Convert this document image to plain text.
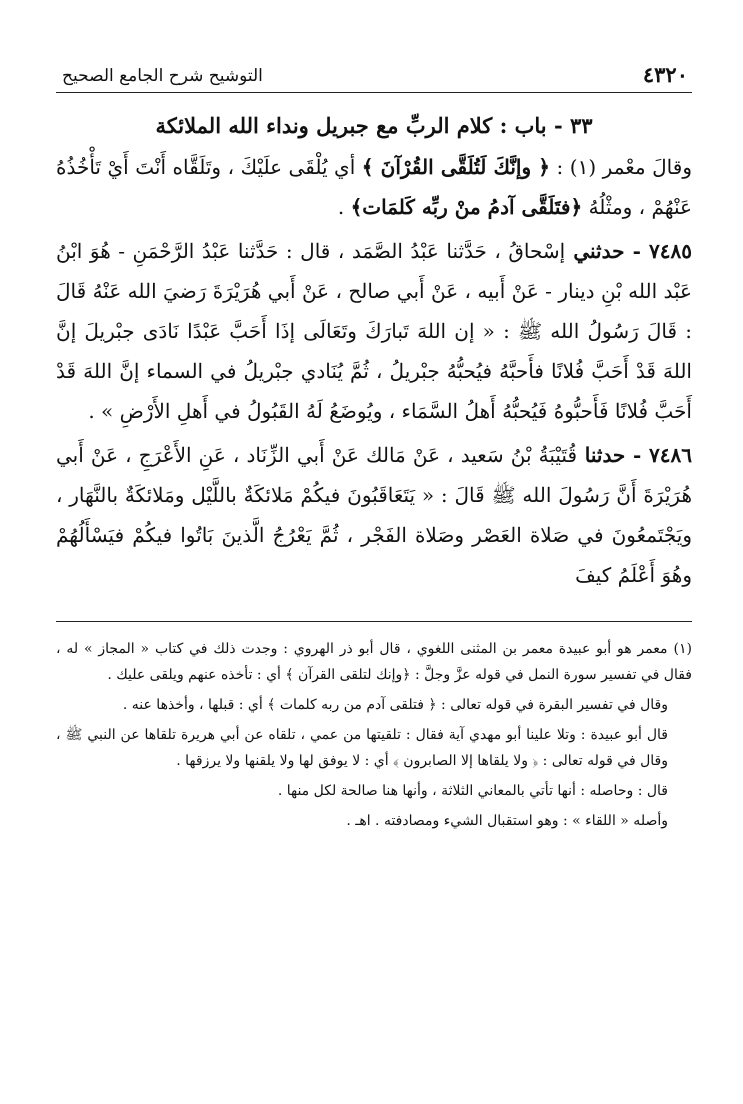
٤٣٢٠
التوشيح شرح الجامع الصحيح
٣٣ - باب : كلام الربِّ مع جبريل ونداء الله الملائكة

وقالَ معْمر (١) : ﴿ وإنَّكَ لَتُلَقَّى القُرْآنَ ﴾ أي يُلْقَى علَيْكَ ، وتَلَقَّاه أَنْتَ أَيْ تَأْخُذُهُ عَنْهُمْ ، ومثْلُهُ ﴿فتَلَقَّى آدمُ منْ ربِّه كَلمَات﴾ .

٧٤٨٥ - حدثني إسْحاقُ ، حَدَّثنا عَبْدُ الصَّمَد ، قال : حَدَّثنا عَبْدُ الرَّحْمَنِ - هُوَ ابْنُ عَبْد الله بْنِ دينار - عَنْ أَبيه ، عَنْ أَبي صالح ، عَنْ أَبي هُرَيْرَةَ رَضيَ الله عَنْهُ قَالَ : قَالَ رَسُولُ الله ﷺ : « إن اللهَ تَبارَكَ وتَعَالَى إذَا أَحَبَّ عَبْدًا نَادَى جبْريلَ إنَّ اللهَ قَدْ أَحَبَّ فُلانًا فأَحبَّهُ فيُحبُّهُ جبْريلُ ، ثُمَّ يُنَادي جبْريلُ في السماء إنَّ اللهَ قَدْ أَحَبَّ فُلانًا فَأَحبُّوهُ فَيُحبُّهُ أَهلُ السَّمَاء ، ويُوضَعُ لَهُ القَبُولُ في أَهلِ الأَرْضِ » .

٧٤٨٦ - حدثنا قُتَيْبَةُ بْنُ سَعيد ، عَنْ مَالك عَنْ أَبي الزِّنَاد ، عَنِ الأَعْرَجِ ، عَنْ أَبي هُرَيْرَةَ أَنَّ رَسُولَ الله ﷺ قَالَ : « يَتَعَاقَبُونَ فيكُمْ مَلائكَةٌ باللَّيْل ومَلائكَةٌ بالنَّهَار ، ويَجْتَمعُونَ في صَلاة العَصْر وصَلاة الفَجْر ، ثُمَّ يَعْرُجُ الَّذينَ بَاتُوا فيكُمْ فيَسْأَلُهُمْ وهُوَ أَعْلَمُ كيفَ

(١)معمر هو أبو عبيدة معمر بن المثنى اللغوي ، قال أبو ذر الهروي : وجدت ذلك في كتاب « المجاز » له ، فقال في تفسير سورة النمل في قوله عزَّ وجلَّ : ﴿وإنك لتلقى القرآن ﴾ أي : تأخذه عنهم ويلقى عليك .

وقال في تفسير البقرة في قوله تعالى : ﴿ فتلقى آدم من ربه كلمات ﴾ أي : قبلها ، وأخذها عنه .

قال أبو عبيدة : وتلا علينا أبو مهدي آية فقال : تلقيتها من عمي ، تلقاه عن أبي هريرة تلقاها عن النبي ﷺ ، وقال في قوله تعالى : ﴿ ولا يلقاها إلا الصابرون ﴾ أي : لا يوفق لها ولا يلقنها ولا يرزقها .

قال : وحاصله : أنها تأتي بالمعاني الثلاثة ، وأنها هنا صالحة لكل منها .

وأصله « اللقاء » : وهو استقبال الشيء ومصادفته . اهـ .
